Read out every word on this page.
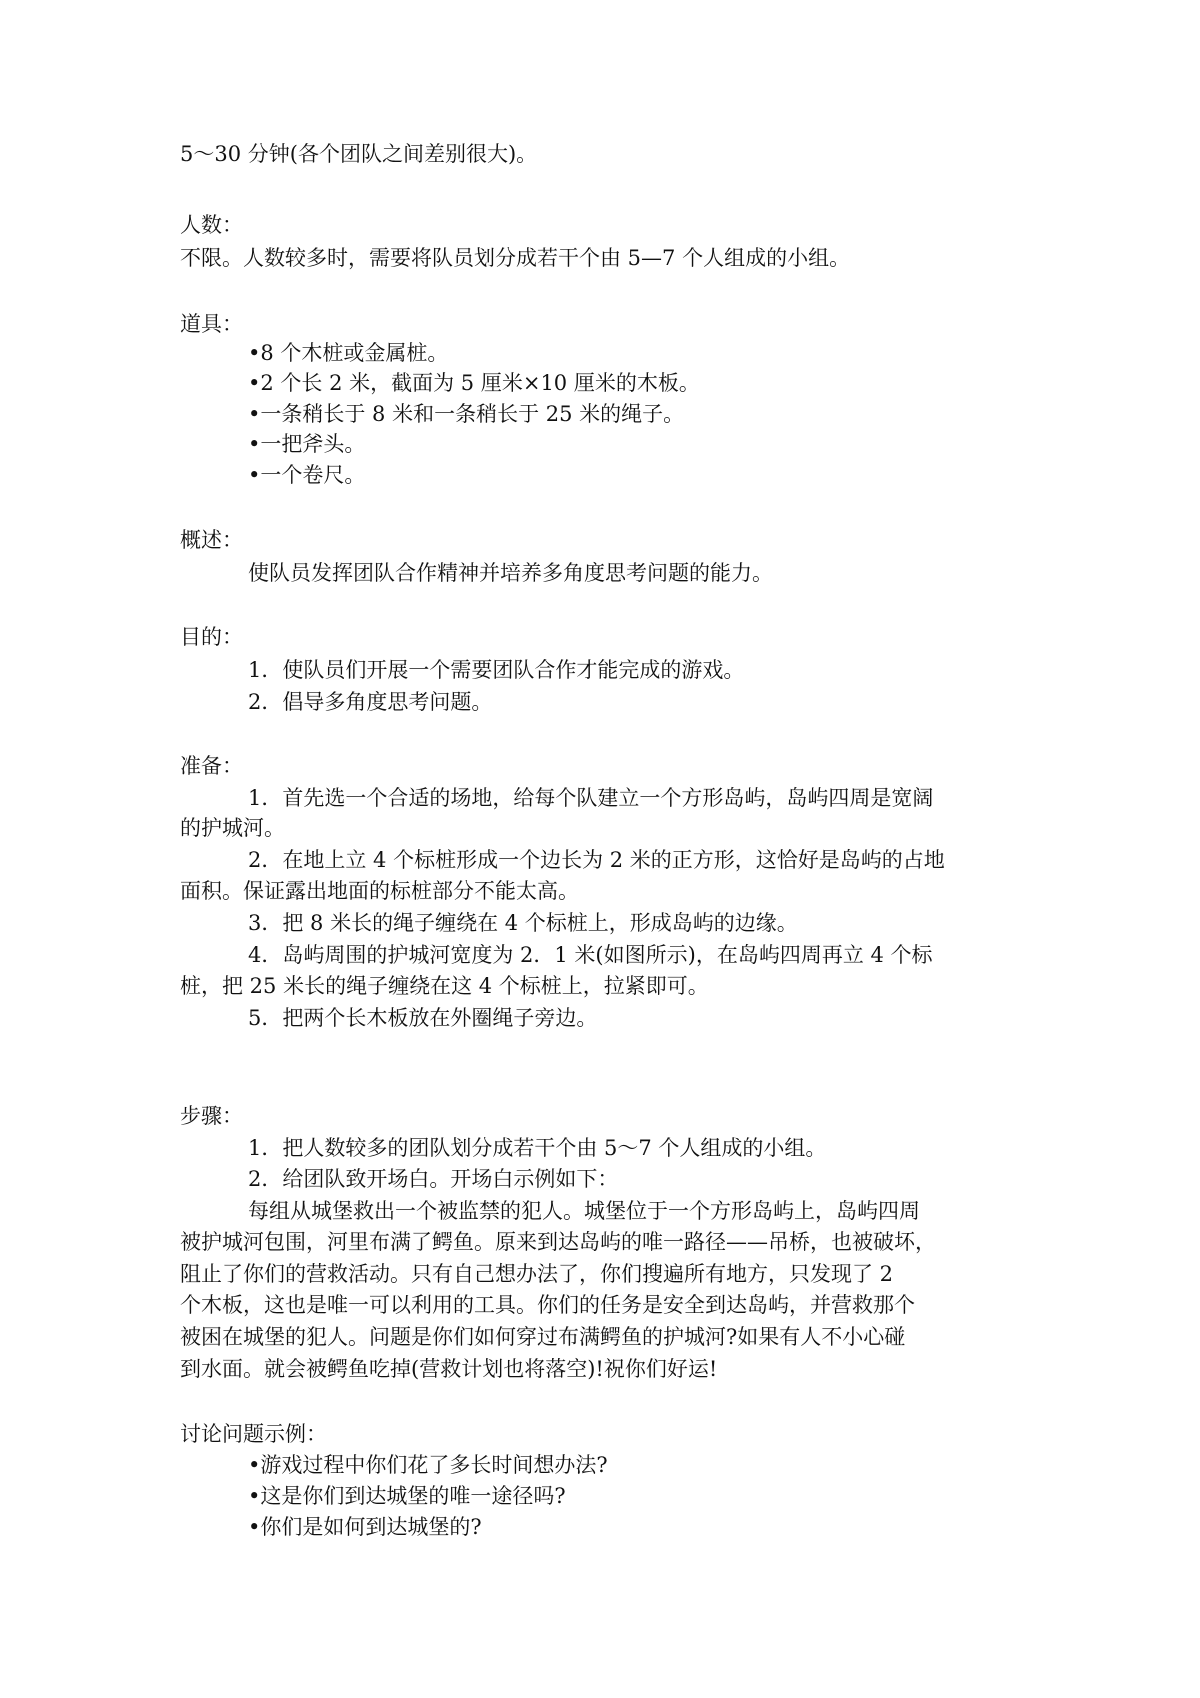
5～30 分钟(各个团队之间差别很大)。
人数：
不限。人数较多时，需要将队员划分成若干个由 5—7 个人组成的小组。
道具：
•8 个木桩或金属桩。
•2 个长 2 米，截面为 5 厘米×10 厘米的木板。
•一条稍长于 8 米和一条稍长于 25 米的绳子。
•一把斧头。
•一个卷尺。
概述：
使队员发挥团队合作精神并培养多角度思考问题的能力。
目的：
1．使队员们开展一个需要团队合作才能完成的游戏。
2．倡导多角度思考问题。
准备：
1．首先选一个合适的场地，给每个队建立一个方形岛屿，岛屿四周是宽阔
的护城河。
2．在地上立 4 个标桩形成一个边长为 2 米的正方形，这恰好是岛屿的占地
面积。保证露出地面的标桩部分不能太高。
3．把 8 米长的绳子缠绕在 4 个标桩上，形成岛屿的边缘。
4．岛屿周围的护城河宽度为 2．1 米(如图所示)，在岛屿四周再立 4 个标
桩，把 25 米长的绳子缠绕在这 4 个标桩上，拉紧即可。
5．把两个长木板放在外圈绳子旁边。
步骤：
1．把人数较多的团队划分成若干个由 5～7 个人组成的小组。
2．给团队致开场白。开场白示例如下：
每组从城堡救出一个被监禁的犯人。城堡位于一个方形岛屿上，岛屿四周
被护城河包围，河里布满了鳄鱼。原来到达岛屿的唯一路径——吊桥，也被破坏，
阻止了你们的营救活动。只有自己想办法了，你们搜遍所有地方，只发现了 2
个木板，这也是唯一可以利用的工具。你们的任务是安全到达岛屿，并营救那个
被困在城堡的犯人。问题是你们如何穿过布满鳄鱼的护城河?如果有人不小心碰
到水面。就会被鳄鱼吃掉(营救计划也将落空)!祝你们好运!
讨论问题示例：
•游戏过程中你们花了多长时间想办法?
•这是你们到达城堡的唯一途径吗?
•你们是如何到达城堡的?
